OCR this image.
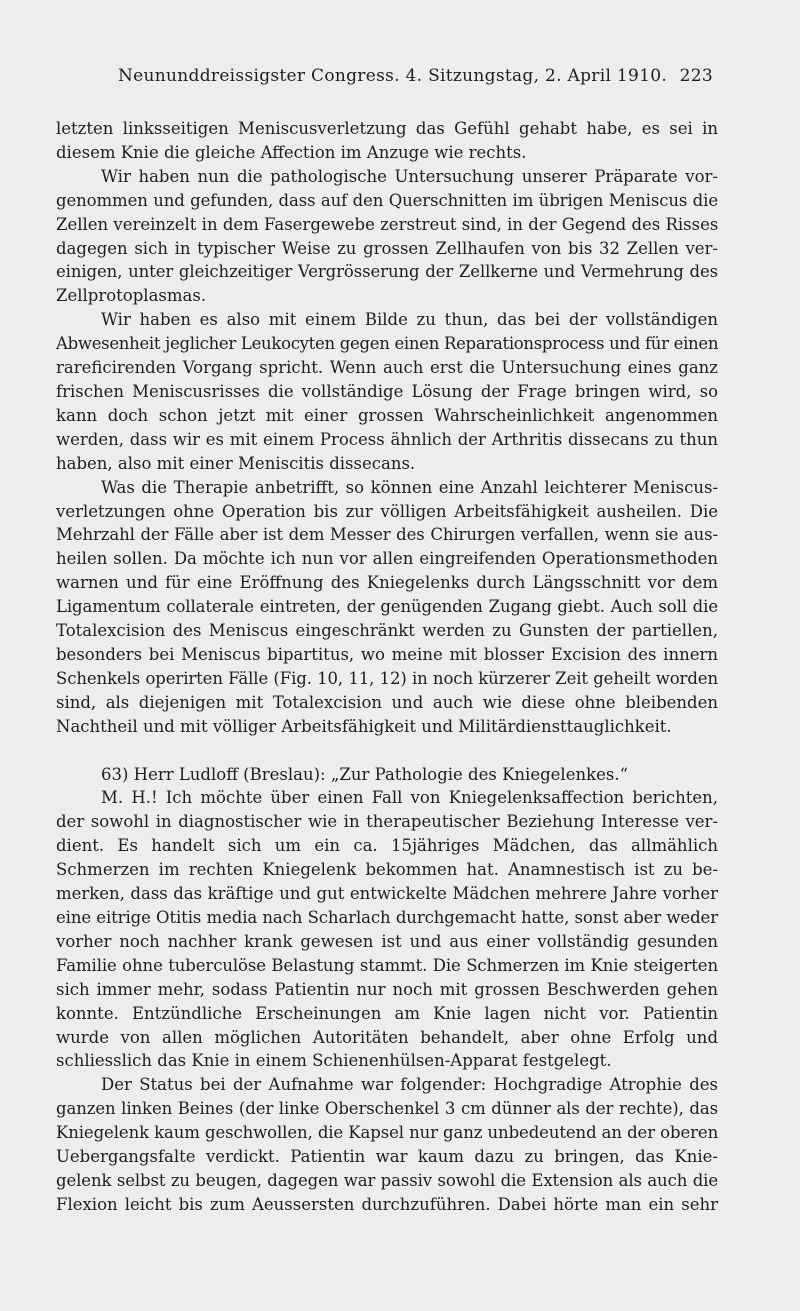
Neununddreissigster Congress. 4. Sitzungstag, 2. April 1910. 223
letzten linksseitigen Meniscusverletzung das Gefühl gehabt habe, es sei in
diesem Knie die gleiche Affection im Anzuge wie rechts.
Wir haben nun die pathologische Untersuchung unserer Präparate vor-
genommen und gefunden, dass auf den Querschnitten im übrigen Meniscus die
Zellen vereinzelt in dem Fasergewebe zerstreut sind, in der Gegend des Risses
dagegen sich in typischer Weise zu grossen Zellhaufen von bis 32 Zellen ver-
einigen, unter gleichzeitiger Vergrösserung der Zellkerne und Vermehrung des
Zellprotoplasmas.
Wir haben es also mit einem Bilde zu thun, das bei der vollständigen
Abwesenheit jeglicher Leukocyten gegen einen Reparationsprocess und für einen
rareficirenden Vorgang spricht. Wenn auch erst die Untersuchung eines ganz
frischen Meniscusrisses die vollständige Lösung der Frage bringen wird, so
kann doch schon jetzt mit einer grossen Wahrscheinlichkeit angenommen
werden, dass wir es mit einem Process ähnlich der Arthritis dissecans zu thun
haben, also mit einer Meniscitis dissecans.
Was die Therapie anbetrifft, so können eine Anzahl leichterer Meniscus-
verletzungen ohne Operation bis zur völligen Arbeitsfähigkeit ausheilen. Die
Mehrzahl der Fälle aber ist dem Messer des Chirurgen verfallen, wenn sie aus-
heilen sollen. Da möchte ich nun vor allen eingreifenden Operationsmethoden
warnen und für eine Eröffnung des Kniegelenks durch Längsschnitt vor dem
Ligamentum collaterale eintreten, der genügenden Zugang giebt. Auch soll die
Totalexcision des Meniscus eingeschränkt werden zu Gunsten der partiellen,
besonders bei Meniscus bipartitus, wo meine mit blosser Excision des innern
Schenkels operirten Fälle (Fig. 10, 11, 12) in noch kürzerer Zeit geheilt worden
sind, als diejenigen mit Totalexcision und auch wie diese ohne bleibenden
Nachtheil und mit völliger Arbeitsfähigkeit und Militärdiensttauglichkeit.
63) Herr Ludloff (Breslau): „Zur Pathologie des Kniegelenkes.“
M. H.! Ich möchte über einen Fall von Kniegelenksaffection berichten,
der sowohl in diagnostischer wie in therapeutischer Beziehung Interesse ver-
dient. Es handelt sich um ein ca. 15jähriges Mädchen, das allmählich
Schmerzen im rechten Kniegelenk bekommen hat. Anamnestisch ist zu be-
merken, dass das kräftige und gut entwickelte Mädchen mehrere Jahre vorher
eine eitrige Otitis media nach Scharlach durchgemacht hatte, sonst aber weder
vorher noch nachher krank gewesen ist und aus einer vollständig gesunden
Familie ohne tuberculöse Belastung stammt. Die Schmerzen im Knie steigerten
sich immer mehr, sodass Patientin nur noch mit grossen Beschwerden gehen
konnte. Entzündliche Erscheinungen am Knie lagen nicht vor. Patientin
wurde von allen möglichen Autoritäten behandelt, aber ohne Erfolg und
schliesslich das Knie in einem Schienenhülsen-Apparat festgelegt.
Der Status bei der Aufnahme war folgender: Hochgradige Atrophie des
ganzen linken Beines (der linke Oberschenkel 3 cm dünner als der rechte), das
Kniegelenk kaum geschwollen, die Kapsel nur ganz unbedeutend an der oberen
Uebergangsfalte verdickt. Patientin war kaum dazu zu bringen, das Knie-
gelenk selbst zu beugen, dagegen war passiv sowohl die Extension als auch die
Flexion leicht bis zum Aeussersten durchzuführen. Dabei hörte man ein sehr
